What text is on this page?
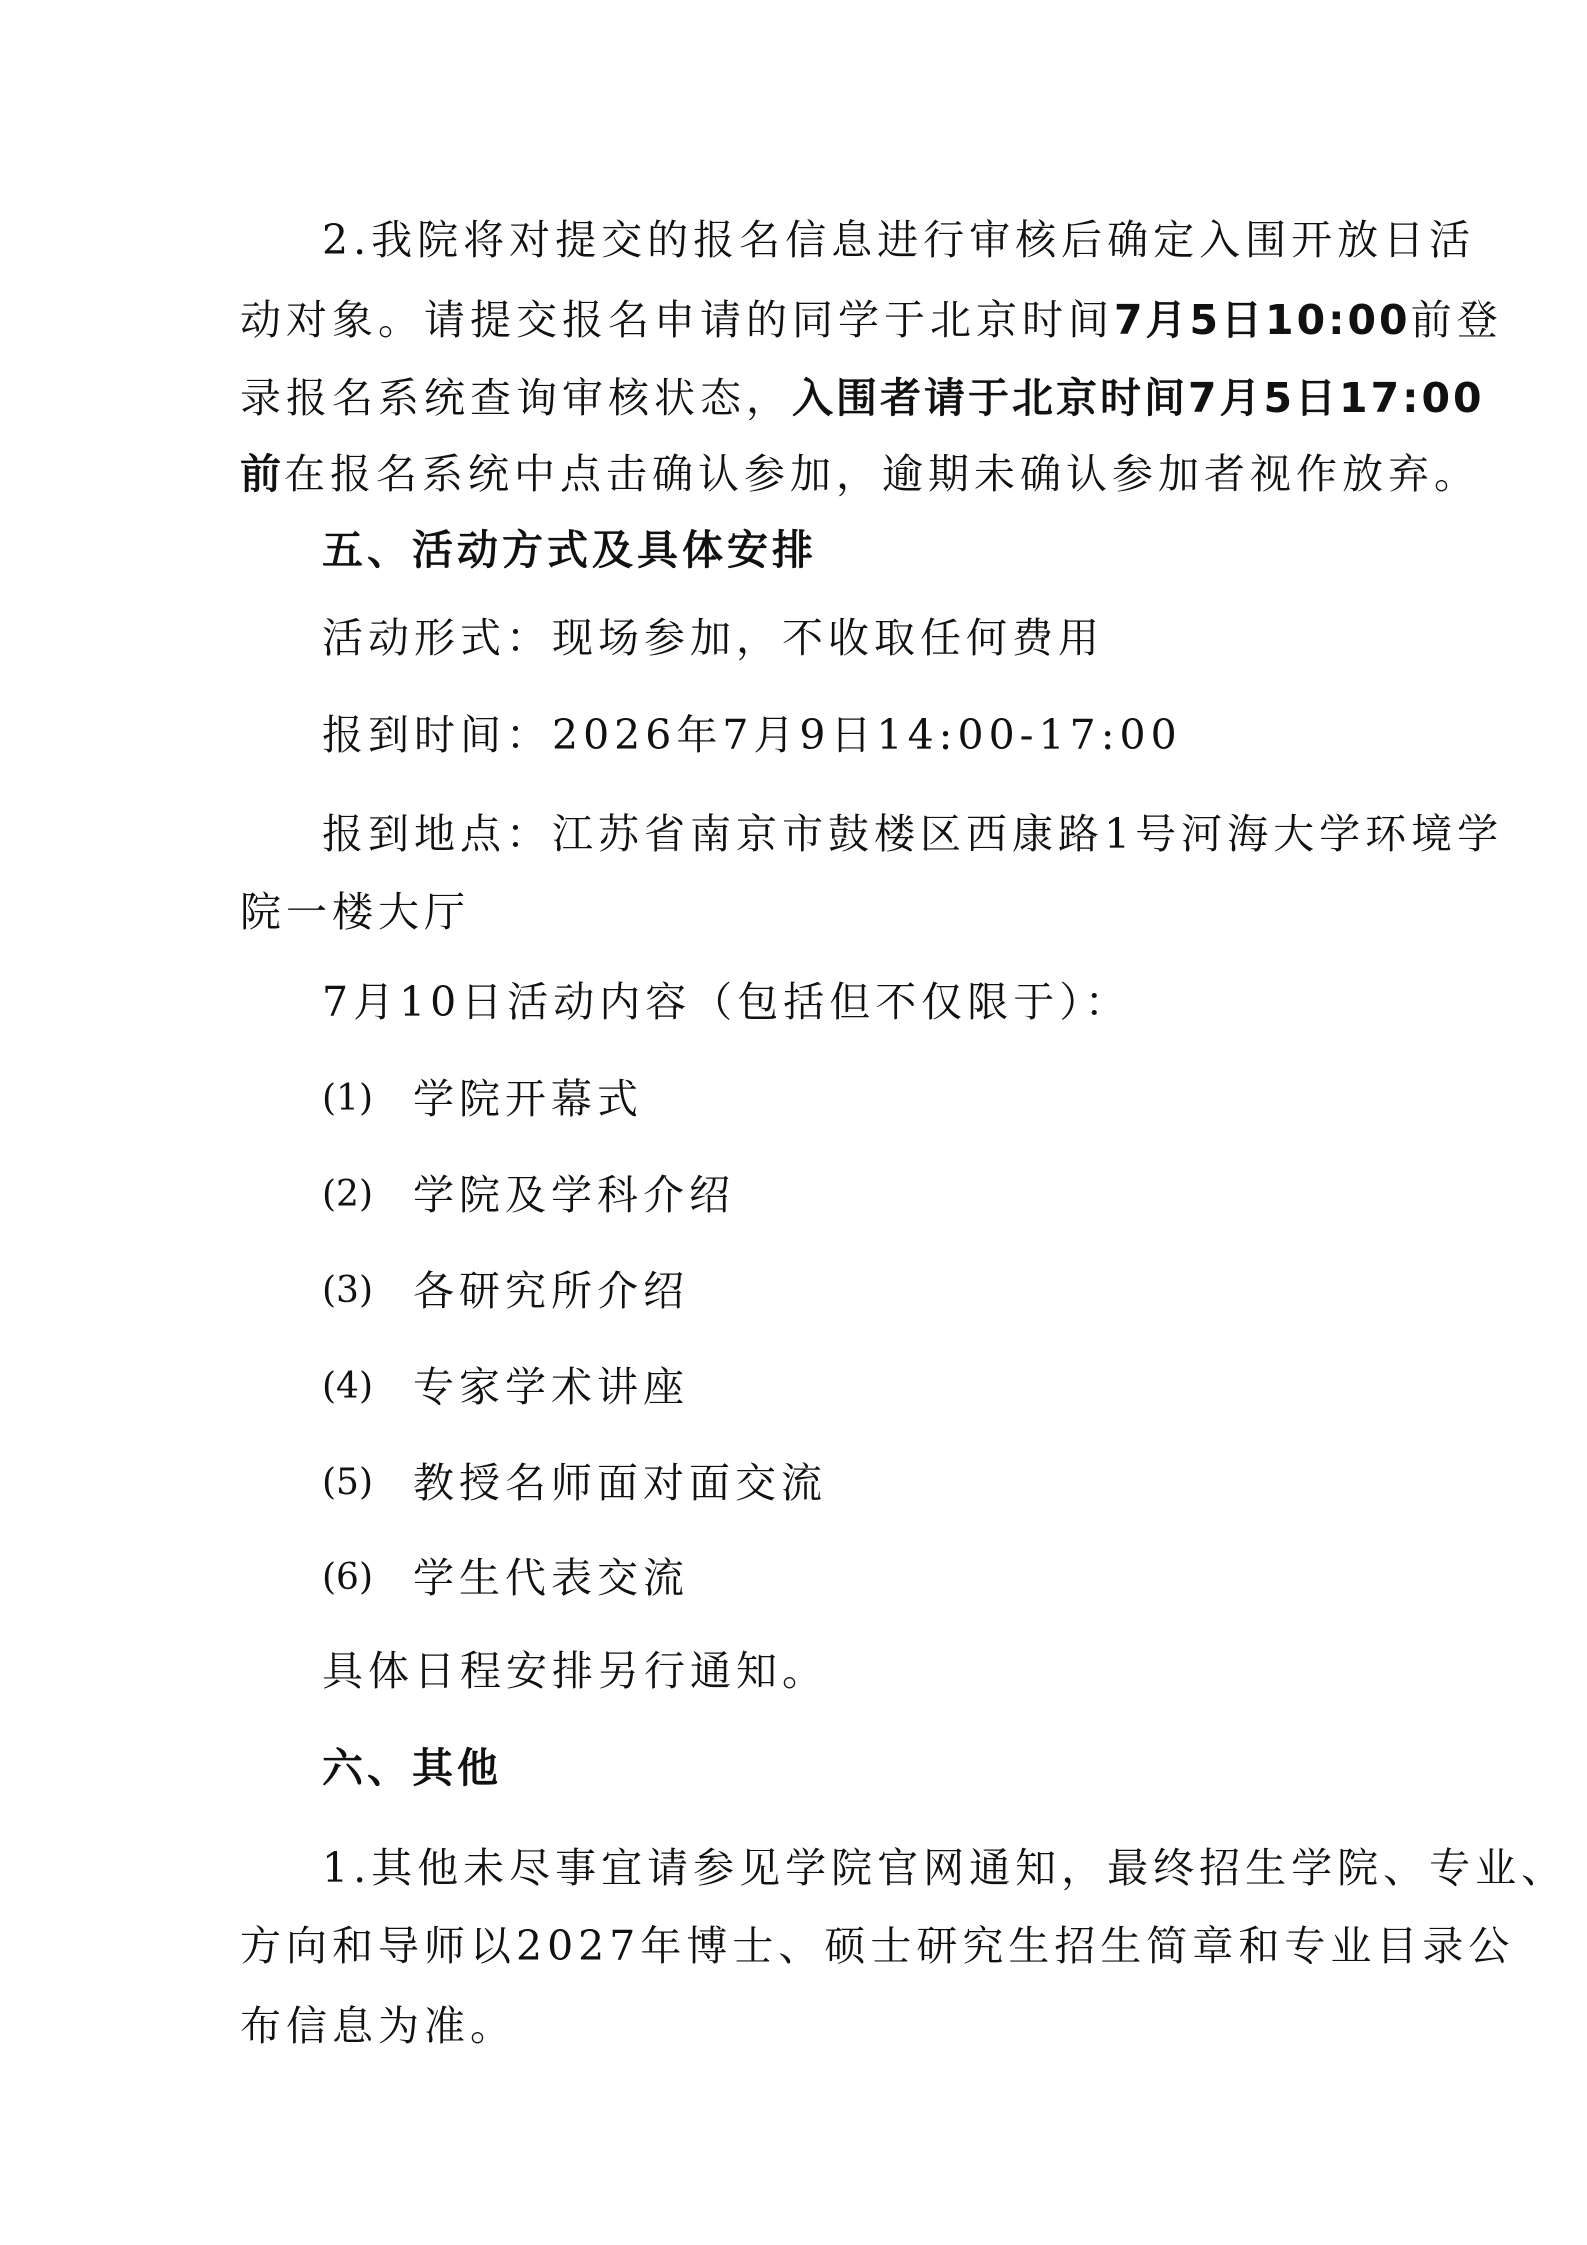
2.我院将对提交的报名信息进行审核后确定入围开放日活
动对象。请提交报名申请的同学于北京时间7月5日10:00前登
录报名系统查询审核状态，入围者请于北京时间7月5日17:00
前在报名系统中点击确认参加，逾期未确认参加者视作放弃。
五、活动方式及具体安排
活动形式：现场参加，不收取任何费用
报到时间：2026年7月9日14:00-17:00
报到地点：江苏省南京市鼓楼区西康路1号河海大学环境学
院一楼大厅
7月10日活动内容（包括但不仅限于）：
(1) 学院开幕式
(2) 学院及学科介绍
(3) 各研究所介绍
(4) 专家学术讲座
(5) 教授名师面对面交流
(6) 学生代表交流
具体日程安排另行通知。
六、其他
1.其他未尽事宜请参见学院官网通知，最终招生学院、专业、
方向和导师以2027年博士、硕士研究生招生简章和专业目录公
布信息为准。
